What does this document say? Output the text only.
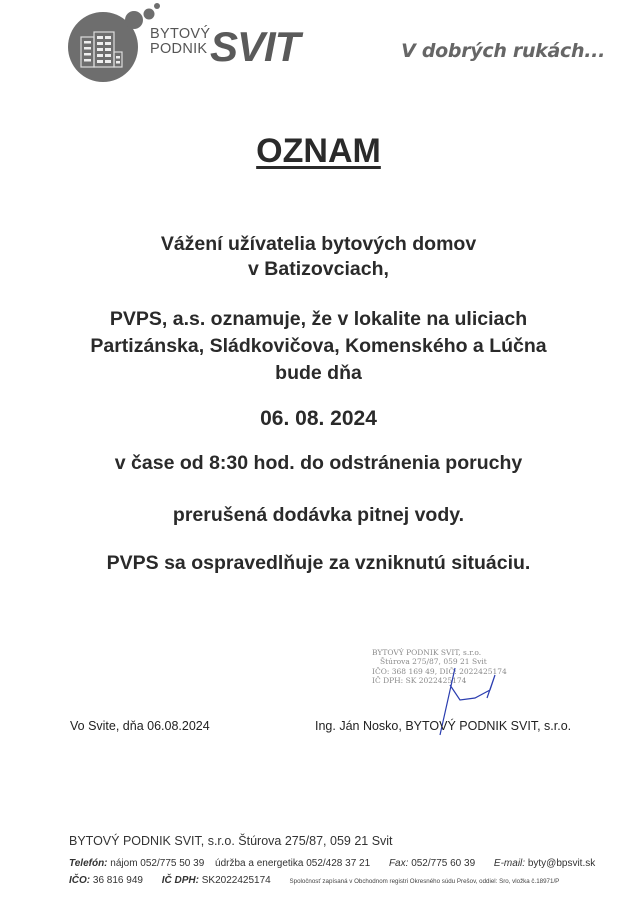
BYTOVÝ
PODNIK SVIT	V dobrých rukách...
OZNAM
Vážení užívatelia bytových domov
v Batizovciach,
PVPS, a.s. oznamuje, že v lokalite na uliciach
Partizánska, Sládkovičova, Komenského a Lúčna
bude dňa
06. 08. 2024
v čase od 8:30 hod. do odstránenia poruchy
prerušená dodávka pitnej vody.
PVPS sa ospravedlňuje za vzniknutú situáciu.
BYTOVÝ PODNIK SVIT, s.r.o.
Štúrova 275/87, 059 21 Svit
IČO: 368 169 49, DIČ: 2022425174
IČ DPH: SK 2022425174
Vo Svite, dňa 06.08.2024	Ing. Ján Nosko, BYTOVÝ PODNIK SVIT, s.r.o.
BYTOVÝ PODNIK SVIT, s.r.o. Štúrova 275/87, 059 21 Svit
Telefón: nájom 052/775 50 39 údržba a energetika 052/428 37 21 Fax: 052/775 60 39 E-mail: byty@bpsvit.sk
IČO: 36 816 949 IČ DPH: SK2022425174	Spoločnosť zapísaná v Obchodnom registri Okresného súdu Prešov, oddiel: Sro, vložka č.18971/P
